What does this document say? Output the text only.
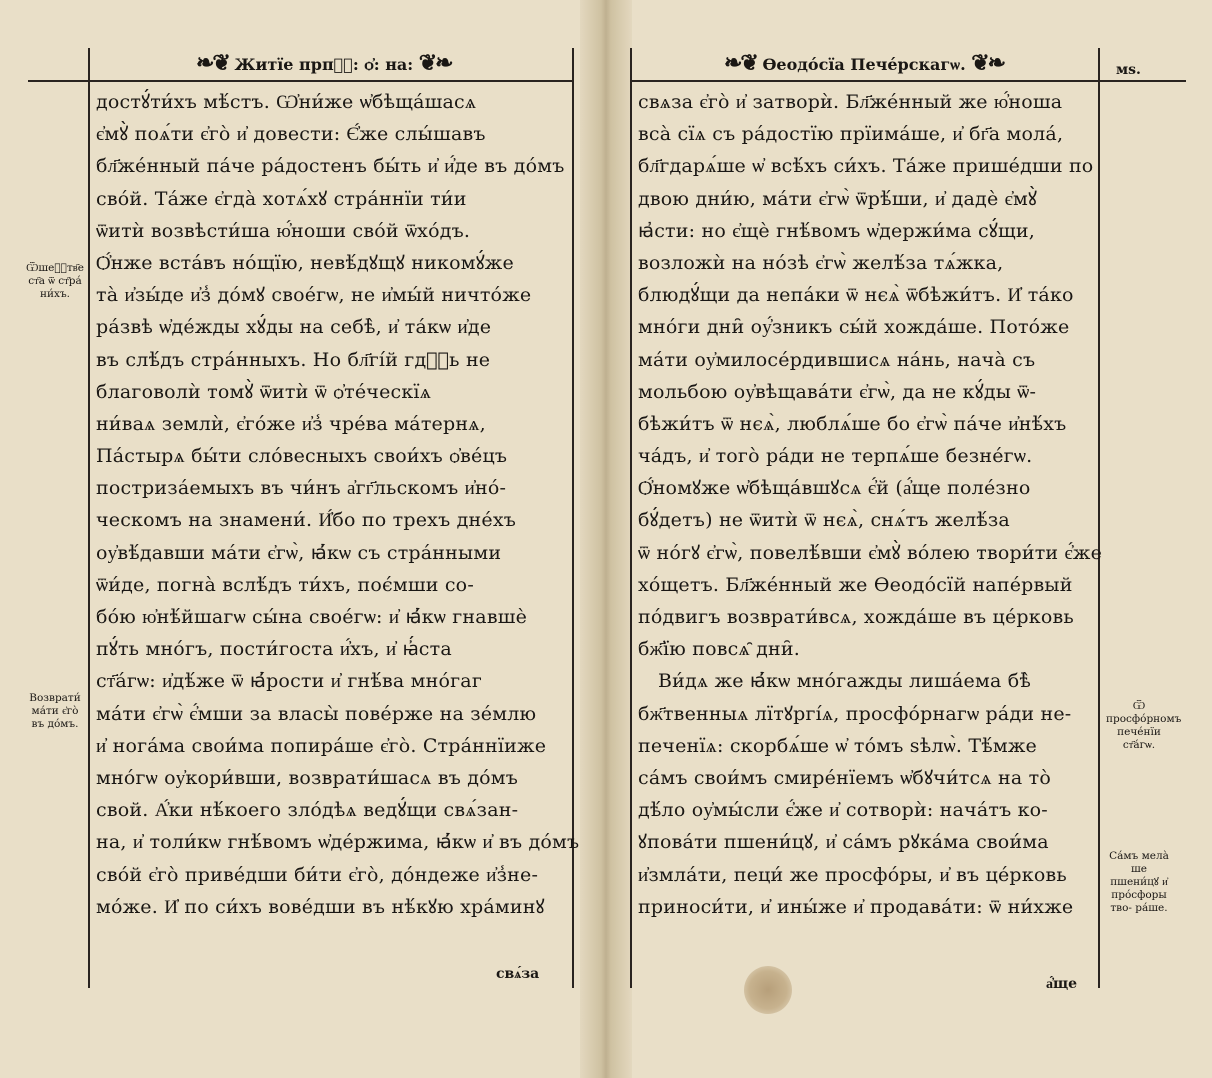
❧❦ Житїе прпⷭ҇: ѻ҆: на: ❦❧
Ѿшеⷭ҇тв҃е ст҃а ѿ ст҃ра́ ни́хъ.
Возврати́ ма́ти є҆го̀ въ до́мъ.
достꙋ́ти́хъ мѣ́стъ. Ѡ҆ни́же ѡ҆бѣща́шасѧ
є҆мꙋ̀ поѧ́ти є҆го̀ и҆ довести: Є҆́же слы́шавъ
бл҃же́нный па́че ра́достенъ бы́ть и҆ и҆́де въ до́мъ
сво́й. Та́же є҆гда̀ хотѧ́хꙋ стра́ннїи ти́и
ѿитѝ возвѣсти́ша ю҆́ноши сво́й ѿхо́дъ.
Ѻ҆́нже вста́въ но́щїю, невѣ́дꙋщꙋ никомꙋ́же
та̀ и҆зы́де и҆з̾ до́мꙋ свое́гѡ, не и҆мы́й ничто́же
ра́звѣ ѡ҆де́жды хꙋ́ды на себѣ̀, и҆ та́кѡ и҆де
въ слѣ́дъ стра́нныхъ. Но бл҃гі́й гдⷭ҇ь не
благоволѝ томꙋ̀ ѿитѝ ѿ ѻ҆те́ческїѧ
ни́ваѧ землѝ, є҆го́же и҆з̾ чре́ва ма́тернѧ,
Па́стырѧ бы́ти сло́весныхъ свои́хъ ѻ҆ве́цъ
постриза́емыхъ въ чи́нъ а҆гг҃льскомъ и҆но́-
ческомъ на знамени́. И҆́бо по трехъ дне́хъ
оу҆вѣ́давши ма́ти є҆гѡ̀, ꙗ҆́кѡ съ стра́нными
ѿи́де, погна̀ вслѣ́дъ ти́хъ, поє́мши со-
бо́ю ю҆нѣ́йшагѡ сы́на свое́гѡ: и҆ ꙗ҆́кѡ гнавшѐ
пꙋ́ть мно́гъ, пости́госта и҆́хъ, и҆ ꙗ҆́ста
ст҃а́гѡ: и҆дѣ́же ѿ ꙗ҆́рости и҆ гнѣ́ва мно́гаг
ма́ти є҆гѡ̀ є҆́мши за власы̀ пове́рже на зе́млю
и҆ нога́ма свои́ма попира́ше є҆го̀. Стра́ннїиже
мно́гѡ оу҆кори́вши, возврати́шасѧ въ до́мъ
свой. А҆́ки нѣ́коего зло́дѣѧ ведꙋ́щи свѧ́зан-
на, и҆ толи́кѡ гнѣ́вомъ ѡ҆де́ржима, ꙗ҆́кѡ и҆ въ до́мъ
сво́й є҆го̀ приве́дши би́ти є҆го̀, до́ндеже и҆з̾не-
мо́же. И҆ по си́хъ вове́дши въ нѣ́кꙋю хра́минꙋ
свѧ́за
❧❦ Ѳеодо́сїа Пече́рскагѡ. ❦❧	мѕ.
свѧза є҆го̀ и҆ затворѝ. Бл҃же́нный же ю҆́ноша
вса̀ сїѧ съ ра́достїю прїима́ше, и҆ бг҃а мола́,
бл҃гдарѧ́ше ѡ҆ всѣ́хъ си́хъ. Та́же прише́дши по
двою дни́ю, ма́ти є҆гѡ̀ ѿрѣ́ши, и҆ дадѐ є҆мꙋ̀
ꙗ҆сти: но є҆щѐ гнѣ́вомъ ѡ҆держи́ма сꙋ́щи,
возложѝ на но́зѣ є҆гѡ̀ желѣ́за тѧ́жка,
блюдꙋ́щи да непа́ки ѿ нєѧ̀ ѿбѣжи́тъ. И҆ та́ко
мно́ги дни̑ оу҆́зникъ сы́й хожда́ше. Пото́же
ма́ти оу҆милосе́рдившисѧ на́нь, нача̀ съ
мольбою оу҆вѣщава́ти є҆гѡ̀, да не кꙋ́ды ѿ-
бѣжи́тъ ѿ нєѧ̀, люблѧ́ше бо є҆гѡ̀ па́че и҆нѣ́хъ
ча́дъ, и҆ того̀ ра́ди не терпѧ́ше безне́гѡ.
Ѻ҆́номꙋже ѡ҆бѣща́вшꙋсѧ є҆́й (а҆́ще поле́зно
бꙋ́детъ) не ѿитѝ ѿ нєѧ̀, снѧ́тъ желѣ́за
ѿ но́гꙋ є҆гѡ̀, повелѣ́вши є҆мꙋ̀ во́лею твори́ти є҆́же
хо́щетъ. Бл҃же́нный же Ѳеодо́сїй напе́рвый
по́двигъ возврати́всѧ, хожда́ше въ це́рковь
бж҃їю повсѧ̑ дни̑.
Ви́дѧ же ꙗ҆́кѡ мно́гажды лиша́ема бѣ̀
бж҃твенныѧ лїтꙋргі́ѧ, просфо́рнагѡ ра́ди не-
печенїѧ: скорбѧ́ше ѡ҆ то́мъ ѕѣлѡ̀. Тѣ́мже
са́мъ свои́мъ смире́нїемъ ѡ҆бꙋчи́тсѧ на то̀
дѣ́ло оу҆мы́сли є҆́же и҆ сотворѝ: нача́тъ ко-
ꙋпова́ти пшени́цꙋ, и҆ са́мъ рꙋка́ма свои́ма
и҆змла́ти, пеци́ же просфо́ры, и҆ въ це́рковь
приноси́ти, и҆ ины́же и҆ продава́ти: ѿ ни́хже
Ѿ просфо́рномъ пече́нїи ст҃а́гѡ.
Са́мъ мела̀ ше пшени́цꙋ и҆ про́сфоры тво- ра́ше.
а҆́ще
